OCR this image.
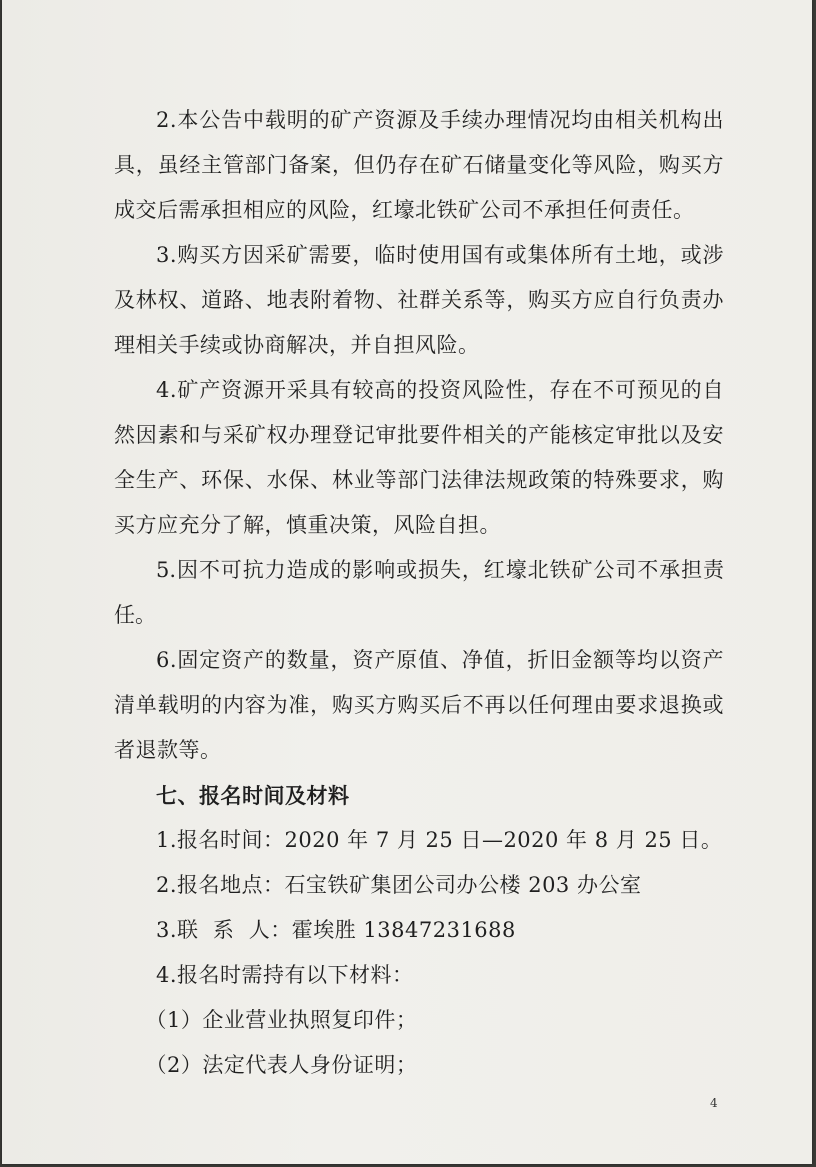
2.本公告中载明的矿产资源及手续办理情况均由相关机构出具，虽经主管部门备案，但仍存在矿石储量变化等风险，购买方成交后需承担相应的风险，红壕北铁矿公司不承担任何责任。

3.购买方因采矿需要，临时使用国有或集体所有土地，或涉及林权、道路、地表附着物、社群关系等，购买方应自行负责办理相关手续或协商解决，并自担风险。

4.矿产资源开采具有较高的投资风险性，存在不可预见的自然因素和与采矿权办理登记审批要件相关的产能核定审批以及安全生产、环保、水保、林业等部门法律法规政策的特殊要求，购买方应充分了解，慎重决策，风险自担。

5.因不可抗力造成的影响或损失，红壕北铁矿公司不承担责任。

6.固定资产的数量，资产原值、净值，折旧金额等均以资产清单载明的内容为准，购买方购买后不再以任何理由要求退换或者退款等。

七、报名时间及材料

1.报名时间：2020 年 7 月 25 日—2020 年 8 月 25 日。

2.报名地点：石宝铁矿集团公司办公楼 203 办公室

3.联  系  人：霍埃胜 13847231688

4.报名时需持有以下材料：

（1）企业营业执照复印件；

（2）法定代表人身份证明；

4
